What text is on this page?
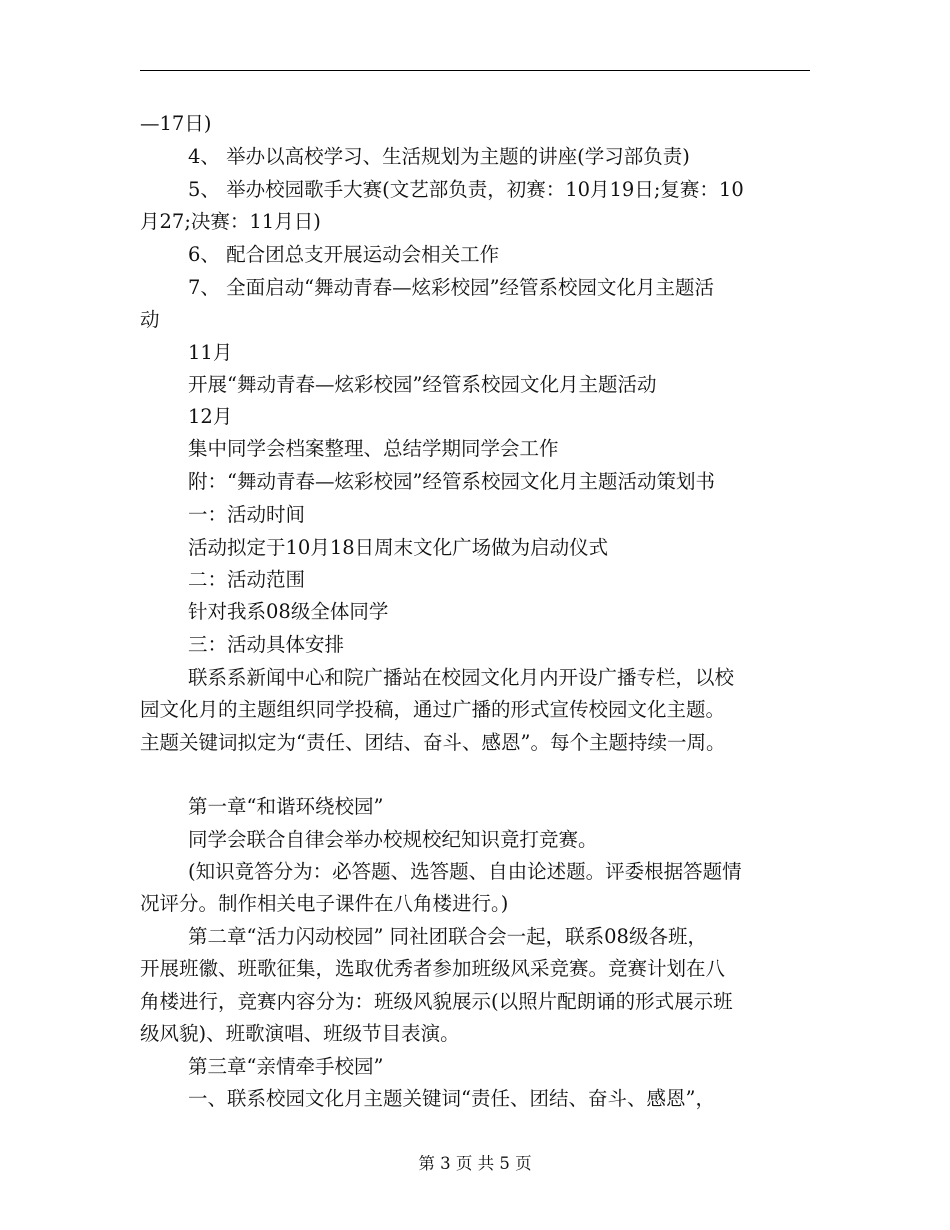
—17日)
4、 举办以高校学习、生活规划为主题的讲座(学习部负责)
5、 举办校园歌手大赛(文艺部负责，初赛：10月19日;复赛：10
月27;决赛：11月日)
6、 配合团总支开展运动会相关工作
7、 全面启动“舞动青春—炫彩校园”经管系校园文化月主题活
动
11月
开展“舞动青春—炫彩校园”经管系校园文化月主题活动
12月
集中同学会档案整理、总结学期同学会工作
附：“舞动青春—炫彩校园”经管系校园文化月主题活动策划书
一：活动时间
活动拟定于10月18日周末文化广场做为启动仪式
二：活动范围
针对我系08级全体同学
三：活动具体安排
联系系新闻中心和院广播站在校园文化月内开设广播专栏，以校
园文化月的主题组织同学投稿，通过广播的形式宣传校园文化主题。
主题关键词拟定为“责任、团结、奋斗、感恩”。每个主题持续一周。
第一章“和谐环绕校园”
同学会联合自律会举办校规校纪知识竟打竞赛。
(知识竟答分为：必答题、选答题、自由论述题。评委根据答题情
况评分。制作相关电子课件在八角楼进行。)
第二章“活力闪动校园” 同社团联合会一起，联系08级各班，
开展班徽、班歌征集，选取优秀者参加班级风采竞赛。竞赛计划在八
角楼进行，竞赛内容分为：班级风貌展示(以照片配朗诵的形式展示班
级风貌)、班歌演唱、班级节目表演。
第三章“亲情牵手校园”
一、联系校园文化月主题关键词“责任、团结、奋斗、感恩”，
第 3 页 共 5 页
